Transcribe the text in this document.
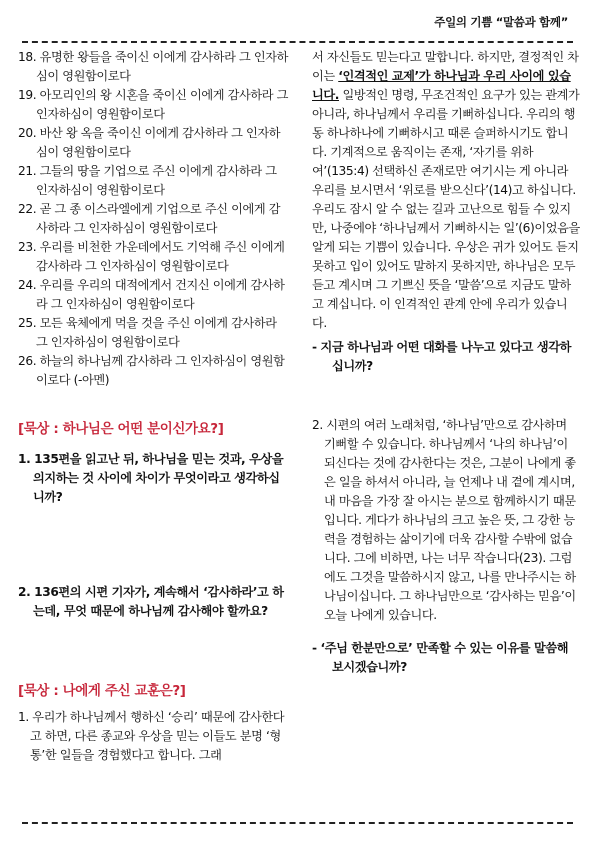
주일의 기쁨 “말씀과 함께”

18. 유명한 왕들을 죽이신 이에게 감사하라 그 인자하심이 영원함이로다

19. 아모리인의 왕 시혼을 죽이신 이에게 감사하라 그 인자하심이 영원함이로다

20. 바산 왕 옥을 죽이신 이에게 감사하라 그 인자하심이 영원함이로다

21. 그들의 땅을 기업으로 주신 이에게 감사하라 그 인자하심이 영원함이로다

22. 곧 그 종 이스라엘에게 기업으로 주신 이에게 감사하라 그 인자하심이 영원함이로다

23. 우리를 비천한 가운데에서도 기억해 주신 이에게 감사하라 그 인자하심이 영원함이로다

24. 우리를 우리의 대적에게서 건지신 이에게 감사하라 그 인자하심이 영원함이로다

25. 모든 육체에게 먹을 것을 주신 이에게 감사하라 그 인자하심이 영원함이로다

26. 하늘의 하나님께 감사하라 그 인자하심이 영원함이로다 (-아멘)

[묵상 : 하나님은 어떤 분이신가요?]

1. 135편을 읽고난 뒤, 하나님을 믿는 것과, 우상을 의지하는 것 사이에 차이가 무엇이라고 생각하십니까?

2. 136편의 시편 기자가, 계속해서 ‘감사하라’고 하는데, 무엇 때문에 하나님께 감사해야 할까요?

[묵상 : 나에게 주신 교훈은?]

1. 우리가 하나님께서 행하신 ‘승리’ 때문에 감사한다고 하면, 다른 종교와 우상을 믿는 이들도 분명 ‘형통’한 일들을 경험했다고 합니다. 그래

서 자신들도 믿는다고 말합니다. 하지만, 결정적인 차이는 ‘인격적인 교제’가 하나님과 우리 사이에 있습니다. 일방적인 명령, 무조건적인 요구가 있는 관계가 아니라, 하나님께서 우리를 기뻐하십니다. 우리의 행동 하나하나에 기뻐하시고 때론 슬퍼하시기도 합니다. 기계적으로 움직이는 존재, ‘자기를 위하여’(135:4) 선택하신 존재로만 여기시는 게 아니라 우리를 보시면서 ‘위로를 받으신다’(14)고 하십니다. 우리도 잠시 알 수 없는 길과 고난으로 힘들 수 있지만, 나중에야 ‘하나님께서 기뻐하시는 일’(6)이었음을 알게 되는 기쁨이 있습니다. 우상은 귀가 있어도 듣지 못하고 입이 있어도 말하지 못하지만, 하나님은 모두 듣고 계시며 그 기쁘신 뜻을 ‘말씀’으로 지금도 말하고 계십니다. 이 인격적인 관계 안에 우리가 있습니다.

- 지금 하나님과 어떤 대화를 나누고 있다고 생각하십니까?

2. 시편의 여러 노래처럼, ‘하나님’만으로 감사하며 기뻐할 수 있습니다. 하나님께서 ‘나의 하나님’이 되신다는 것에 감사한다는 것은, 그분이 나에게 좋은 일을 하셔서 아니라, 늘 언제나 내 곁에 계시며, 내 마음을 가장 잘 아시는 분으로 함께하시기 때문입니다. 게다가 하나님의 크고 높은 뜻, 그 강한 능력을 경험하는 삶이기에 더욱 감사할 수밖에 없습니다. 그에 비하면, 나는 너무 작습니다(23). 그럼에도 그것을 말씀하시지 않고, 나를 만나주시는 하나님이십니다. 그 하나님만으로 ‘감사하는 믿음’이 오늘 나에게 있습니다.

- ‘주님 한분만으로’ 만족할 수 있는 이유를 말씀해 보시겠습니까?
